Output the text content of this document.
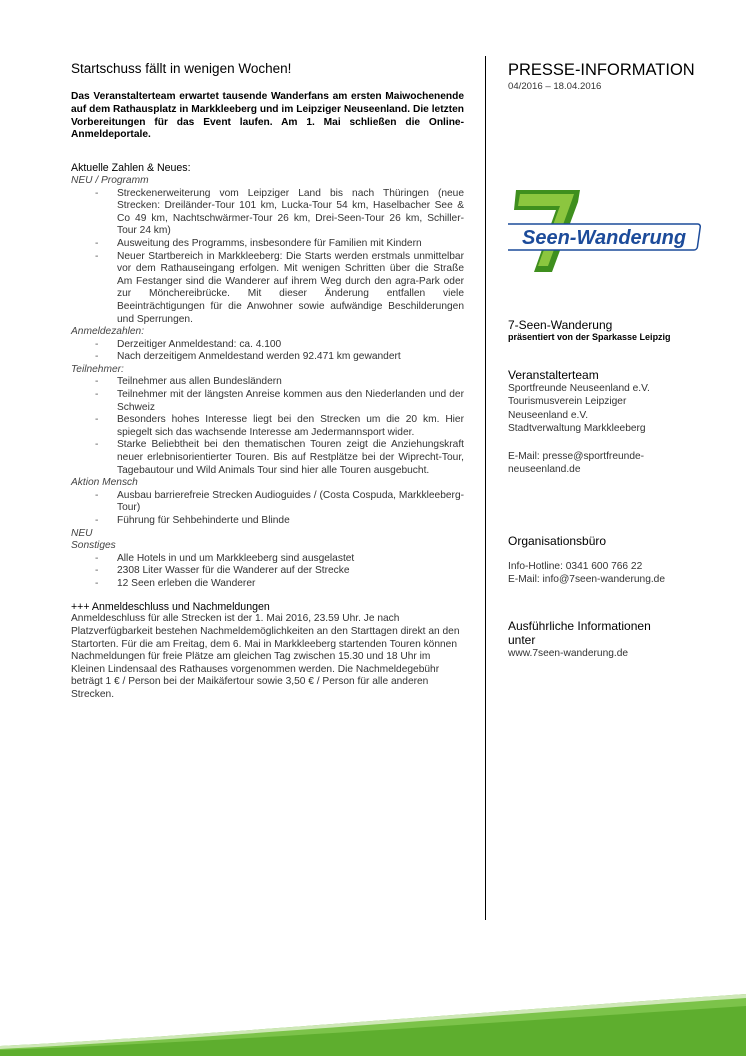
Startschuss fällt in wenigen Wochen!

Das Veranstalterteam erwartet tausende Wanderfans am ersten Maiwochenende auf dem Rathausplatz in Markkleeberg und im Leipziger Neuseenland. Die letzten Vorbereitungen für das Event laufen. Am 1. Mai schließen die Online-Anmeldeportale.

Aktuelle Zahlen & Neues:

NEU / Programm

- Streckenerweiterung vom Leipziger Land bis nach Thüringen (neue Strecken: Dreiländer-Tour 101 km, Lucka-Tour 54 km, Haselbacher See & Co 49 km, Nachtschwärmer-Tour 26 km, Drei-Seen-Tour 26 km, Schiller-Tour 24 km)
- Ausweitung des Programms, insbesondere für Familien mit Kindern
- Neuer Startbereich in Markkleeberg: Die Starts werden erstmals unmittelbar vor dem Rathauseingang erfolgen. Mit wenigen Schritten über die Straße Am Festanger sind die Wanderer auf ihrem Weg durch den agra-Park oder zur Mönchereibrücke. Mit dieser Änderung entfallen viele Beeinträchtigungen für die Anwohner sowie aufwändige Beschilderungen und Sperrungen.

Anmeldezahlen:

- Derzeitiger Anmeldestand: ca. 4.100
- Nach derzeitigem Anmeldestand werden 92.471 km gewandert

Teilnehmer:

- Teilnehmer aus allen Bundesländern
- Teilnehmer mit der längsten Anreise kommen aus den Niederlanden und der Schweiz
- Besonders hohes Interesse liegt bei den Strecken um die 20 km. Hier spiegelt sich das wachsende Interesse am Jedermannsport wider.
- Starke Beliebtheit bei den thematischen Touren zeigt die Anziehungskraft neuer erlebnisorientierter Touren. Bis auf Restplätze bei der Wiprecht-Tour, Tagebautour und Wild Animals Tour sind hier alle Touren ausgebucht.

Aktion Mensch

- Ausbau barrierefreie Strecken Audioguides / (Costa Cospuda, Markkleeberg-Tour)
- Führung für Sehbehinderte und Blinde

NEU

Sonstiges

- Alle Hotels in und um Markkleeberg sind ausgelastet
- 2308 Liter Wasser für die Wanderer auf der Strecke
- 12 Seen erleben die Wanderer

+++ Anmeldeschluss und Nachmeldungen

Anmeldeschluss für alle Strecken ist der 1. Mai 2016, 23.59 Uhr. Je nach Platzverfügbarkeit bestehen Nachmeldemöglichkeiten an den Starttagen direkt an den Startorten. Für die am Freitag, dem 6. Mai in Markkleeberg startenden Touren können Nachmeldungen für freie Plätze am gleichen Tag zwischen 15.30 und 18 Uhr im Kleinen Lindensaal des Rathauses vorgenommen werden. Die Nachmeldegebühr beträgt 1 € / Person bei der Maikäfertour sowie 3,50 € / Person für alle anderen Strecken.

PRESSE-INFORMATION

04/2016 – 18.04.2016

Seen-Wanderung

7-Seen-Wanderung

präsentiert von der Sparkasse Leipzig

Veranstalterteam

Sportfreunde Neuseenland e.V.

Tourismusverein Leipziger

Neuseenland e.V.

Stadtverwaltung Markkleeberg

E-Mail: presse@sportfreunde-

neuseenland.de

Organisationsbüro

Info-Hotline: 0341 600 766 22

E-Mail: info@7seen-wanderung.de

Ausführliche Informationen

unter

www.7seen-wanderung.de
